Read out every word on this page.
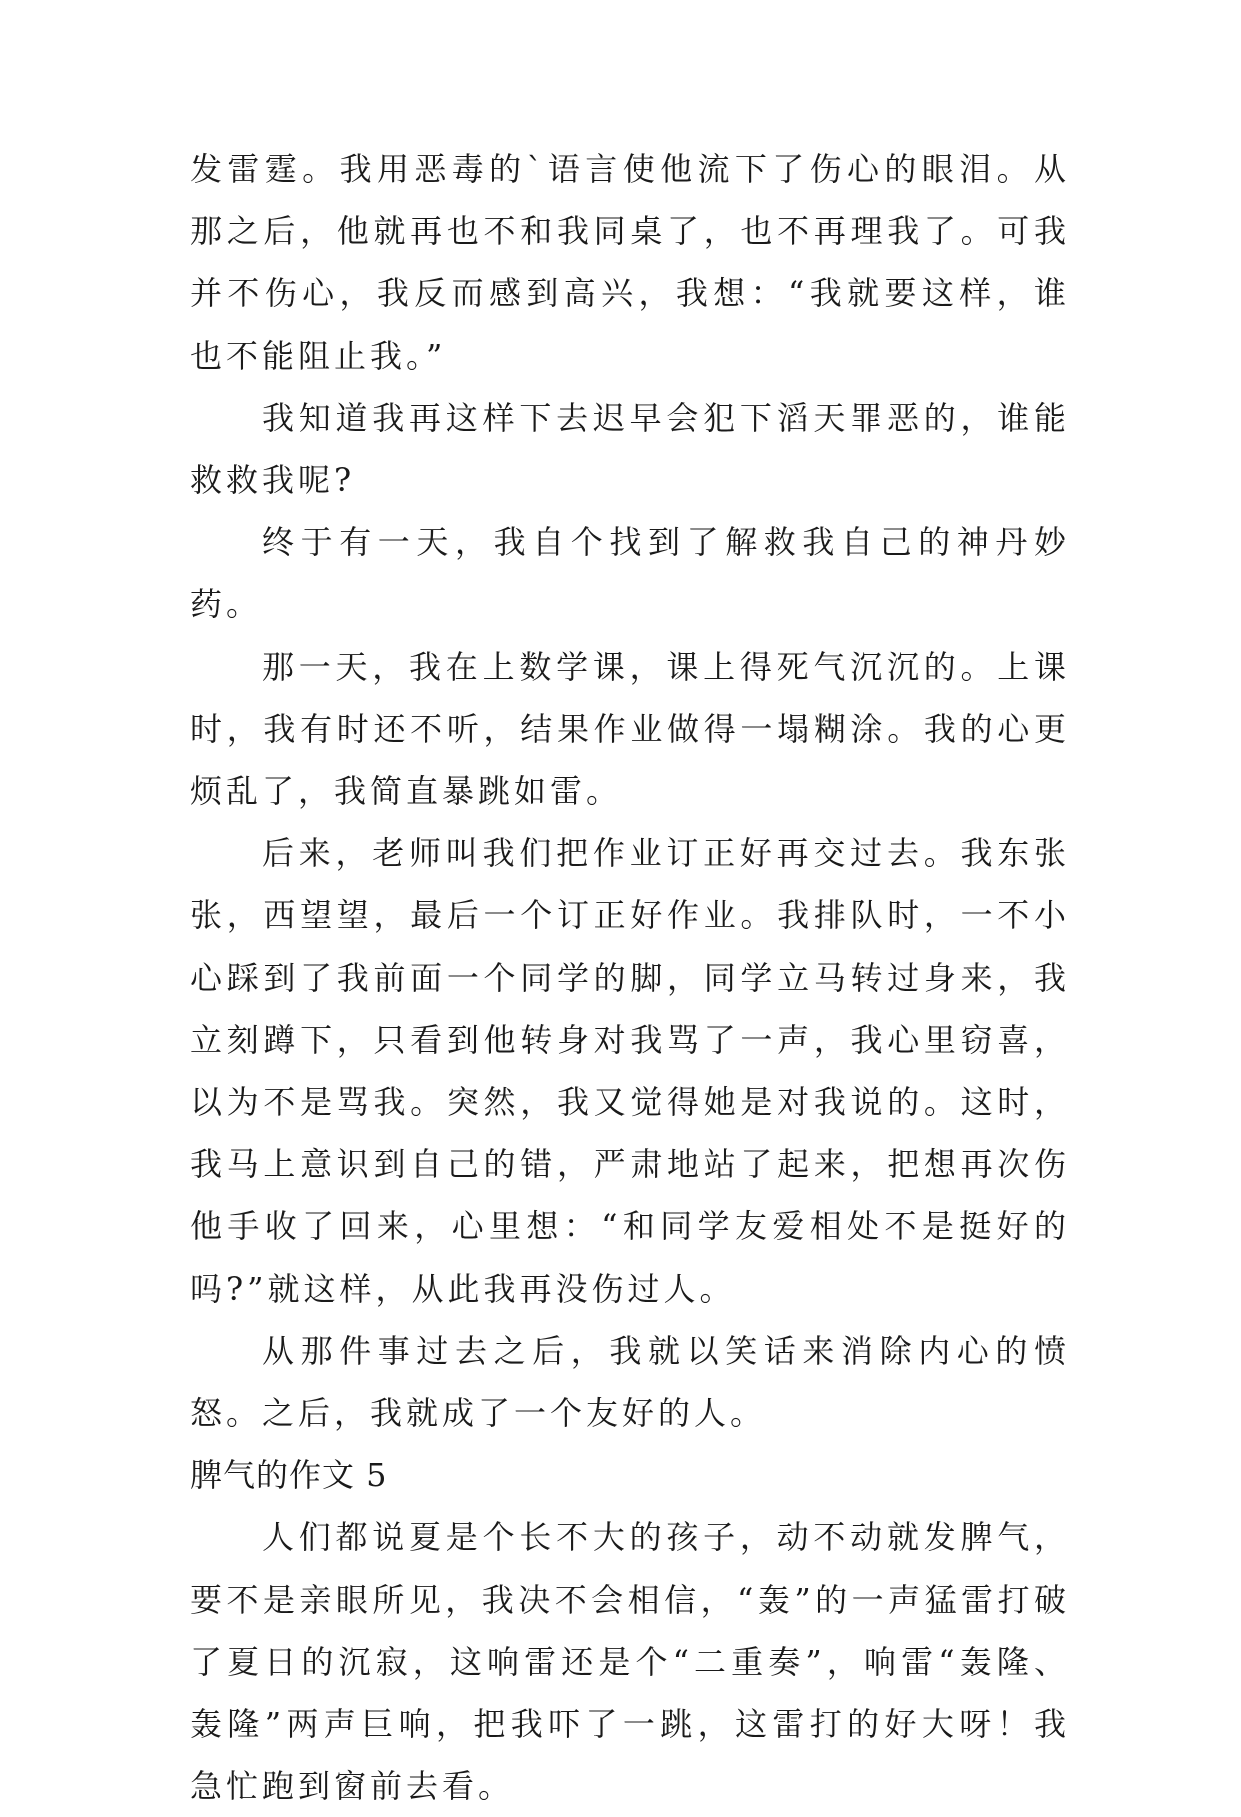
发雷霆。我用恶毒的`语言使他流下了伤心的眼泪。从那之后，他就再也不和我同桌了，也不再理我了。可我并不伤心，我反而感到高兴，我想：“我就要这样，谁也不能阻止我。”

我知道我再这样下去迟早会犯下滔天罪恶的，谁能救救我呢?

终于有一天，我自个找到了解救我自己的神丹妙药。

那一天，我在上数学课，课上得死气沉沉的。上课时，我有时还不听，结果作业做得一塌糊涂。我的心更烦乱了，我简直暴跳如雷。

后来，老师叫我们把作业订正好再交过去。我东张张，西望望，最后一个订正好作业。我排队时，一不小心踩到了我前面一个同学的脚，同学立马转过身来，我立刻蹲下，只看到他转身对我骂了一声，我心里窃喜，以为不是骂我。突然，我又觉得她是对我说的。这时，我马上意识到自己的错，严肃地站了起来，把想再次伤他手收了回来，心里想：“和同学友爱相处不是挺好的吗?”就这样，从此我再没伤过人。

从那件事过去之后，我就以笑话来消除内心的愤怒。之后，我就成了一个友好的人。

脾气的作文 5

人们都说夏是个长不大的孩子，动不动就发脾气，要不是亲眼所见，我决不会相信，“轰”的一声猛雷打破了夏日的沉寂，这响雷还是个“二重奏”，响雷“轰隆、轰隆”两声巨响，把我吓了一跳，这雷打的好大呀！我急忙跑到窗前去看。
